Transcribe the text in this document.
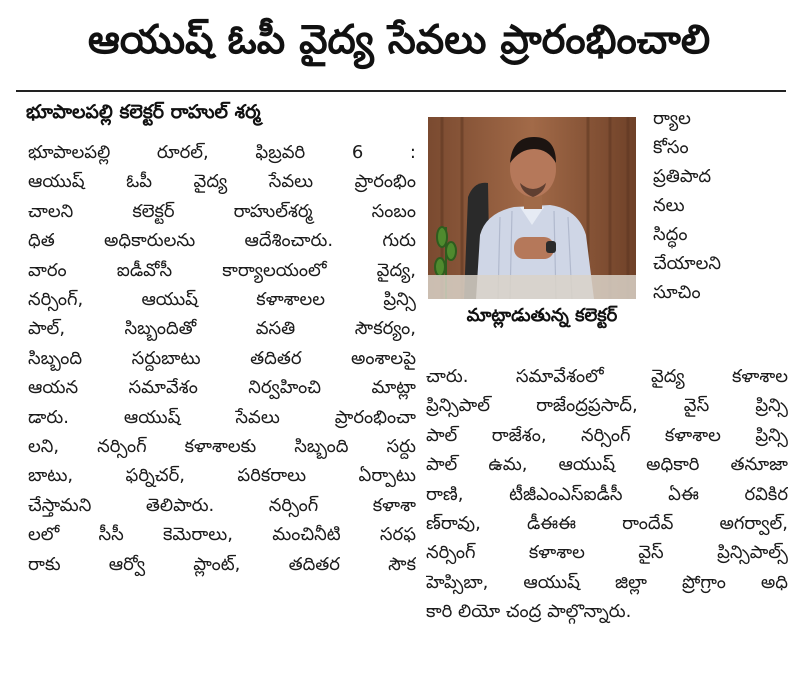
ఆయుష్ ఓపీ వైద్య సేవలు ప్రారంభించాలి
భూపాలపల్లి కలెక్టర్ రాహుల్ శర్మ
భూపాలపల్లి రూరల్, ఫిబ్రవరి 6 :
ఆయుష్ ఓపీ వైద్య సేవలు ప్రారంభిం
చాలని కలెక్టర్ రాహుల్‌శర్మ సంబం
ధిత అధికారులను ఆదేశించారు. గురు
వారం ఐడీవోసీ కార్యాలయంలో వైద్య,
నర్సింగ్, ఆయుష్ కళాశాలల ప్రిన్సి
పాల్, సిబ్బందితో వసతి సౌకర్యం,
సిబ్బంది సర్దుబాటు తదితర అంశాలపై
ఆయన సమావేశం నిర్వహించి మాట్లా
డారు. ఆయుష్ సేవలు ప్రారంభించా
లని, నర్సింగ్ కళాశాలకు సిబ్బంది సర్దు
బాటు, ఫర్నిచర్, పరికరాలు ఏర్పాటు
చేస్తామని తెలిపారు. నర్సింగ్ కళాశా
లలో సీసీ కెమెరాలు, మంచినీటి సరఫ
రాకు ఆర్వో ప్లాంట్, తదితర సౌక
మాట్లాడుతున్న కలెక్టర్
ర్యాల
కోసం
ప్రతిపాద
నలు
సిద్ధం
చేయాలని
సూచిం
చారు. సమావేశంలో వైద్య కళాశాల
ప్రిన్సిపాల్ రాజేంద్రప్రసాద్, వైస్ ప్రిన్సి
పాల్ రాజేశం, నర్సింగ్ కళాశాల ప్రిన్సి
పాల్ ఉమ, ఆయుష్ అధికారి తనూజా
రాణి, టీజీఎంఎస్ఐడీసీ ఏఈ రవికిర
ణ్‌రావు, డీఈఈ రాందేవ్ అగర్వాల్,
నర్సింగ్ కళాశాల వైస్ ప్రిన్సిపాల్స్
హెప్సిబా, ఆయుష్ జిల్లా ప్రోగ్రాం అధి
కారి లియో చంద్ర పాల్గొన్నారు.
